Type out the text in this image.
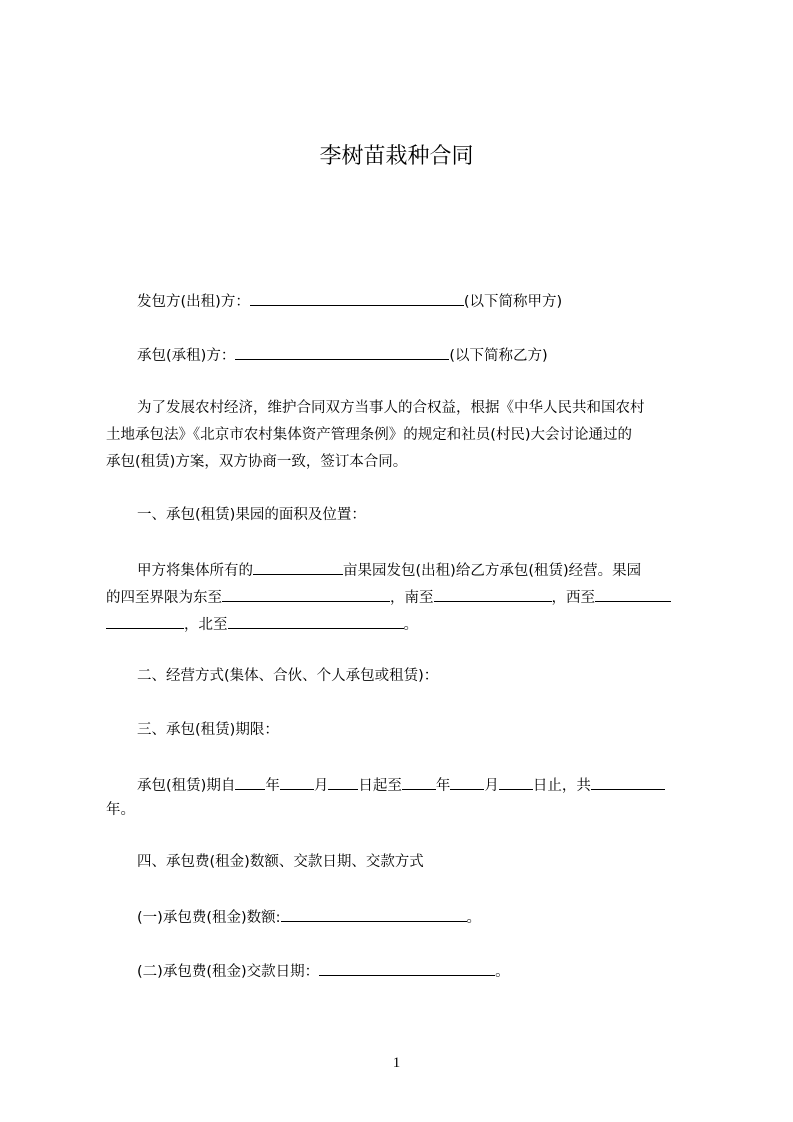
李树苗栽种合同
发包方(出租)方：	(以下简称甲方)
承包(承租)方：	(以下简称乙方)
为了发展农村经济，维护合同双方当事人的合权益，根据《中华人民共和国农村
土地承包法》《北京市农村集体资产管理条例》的规定和社员(村民)大会讨论通过的
承包(租赁)方案，双方协商一致，签订本合同。
一、承包(租赁)果园的面积及位置：
甲方将集体所有的	亩果园发包(出租)给乙方承包(租赁)经营。果园
的四至界限为东至	，南至	，西至
，北至	。
二、经营方式(集体、合伙、个人承包或租赁)：
三、承包(租赁)期限：
承包(租赁)期自 年 月 日起至 年 月 日止，共
年。
四、承包费(租金)数额、交款日期、交款方式
(一)承包费(租金)数额:	。
(二)承包费(租金)交款日期：	。
1
